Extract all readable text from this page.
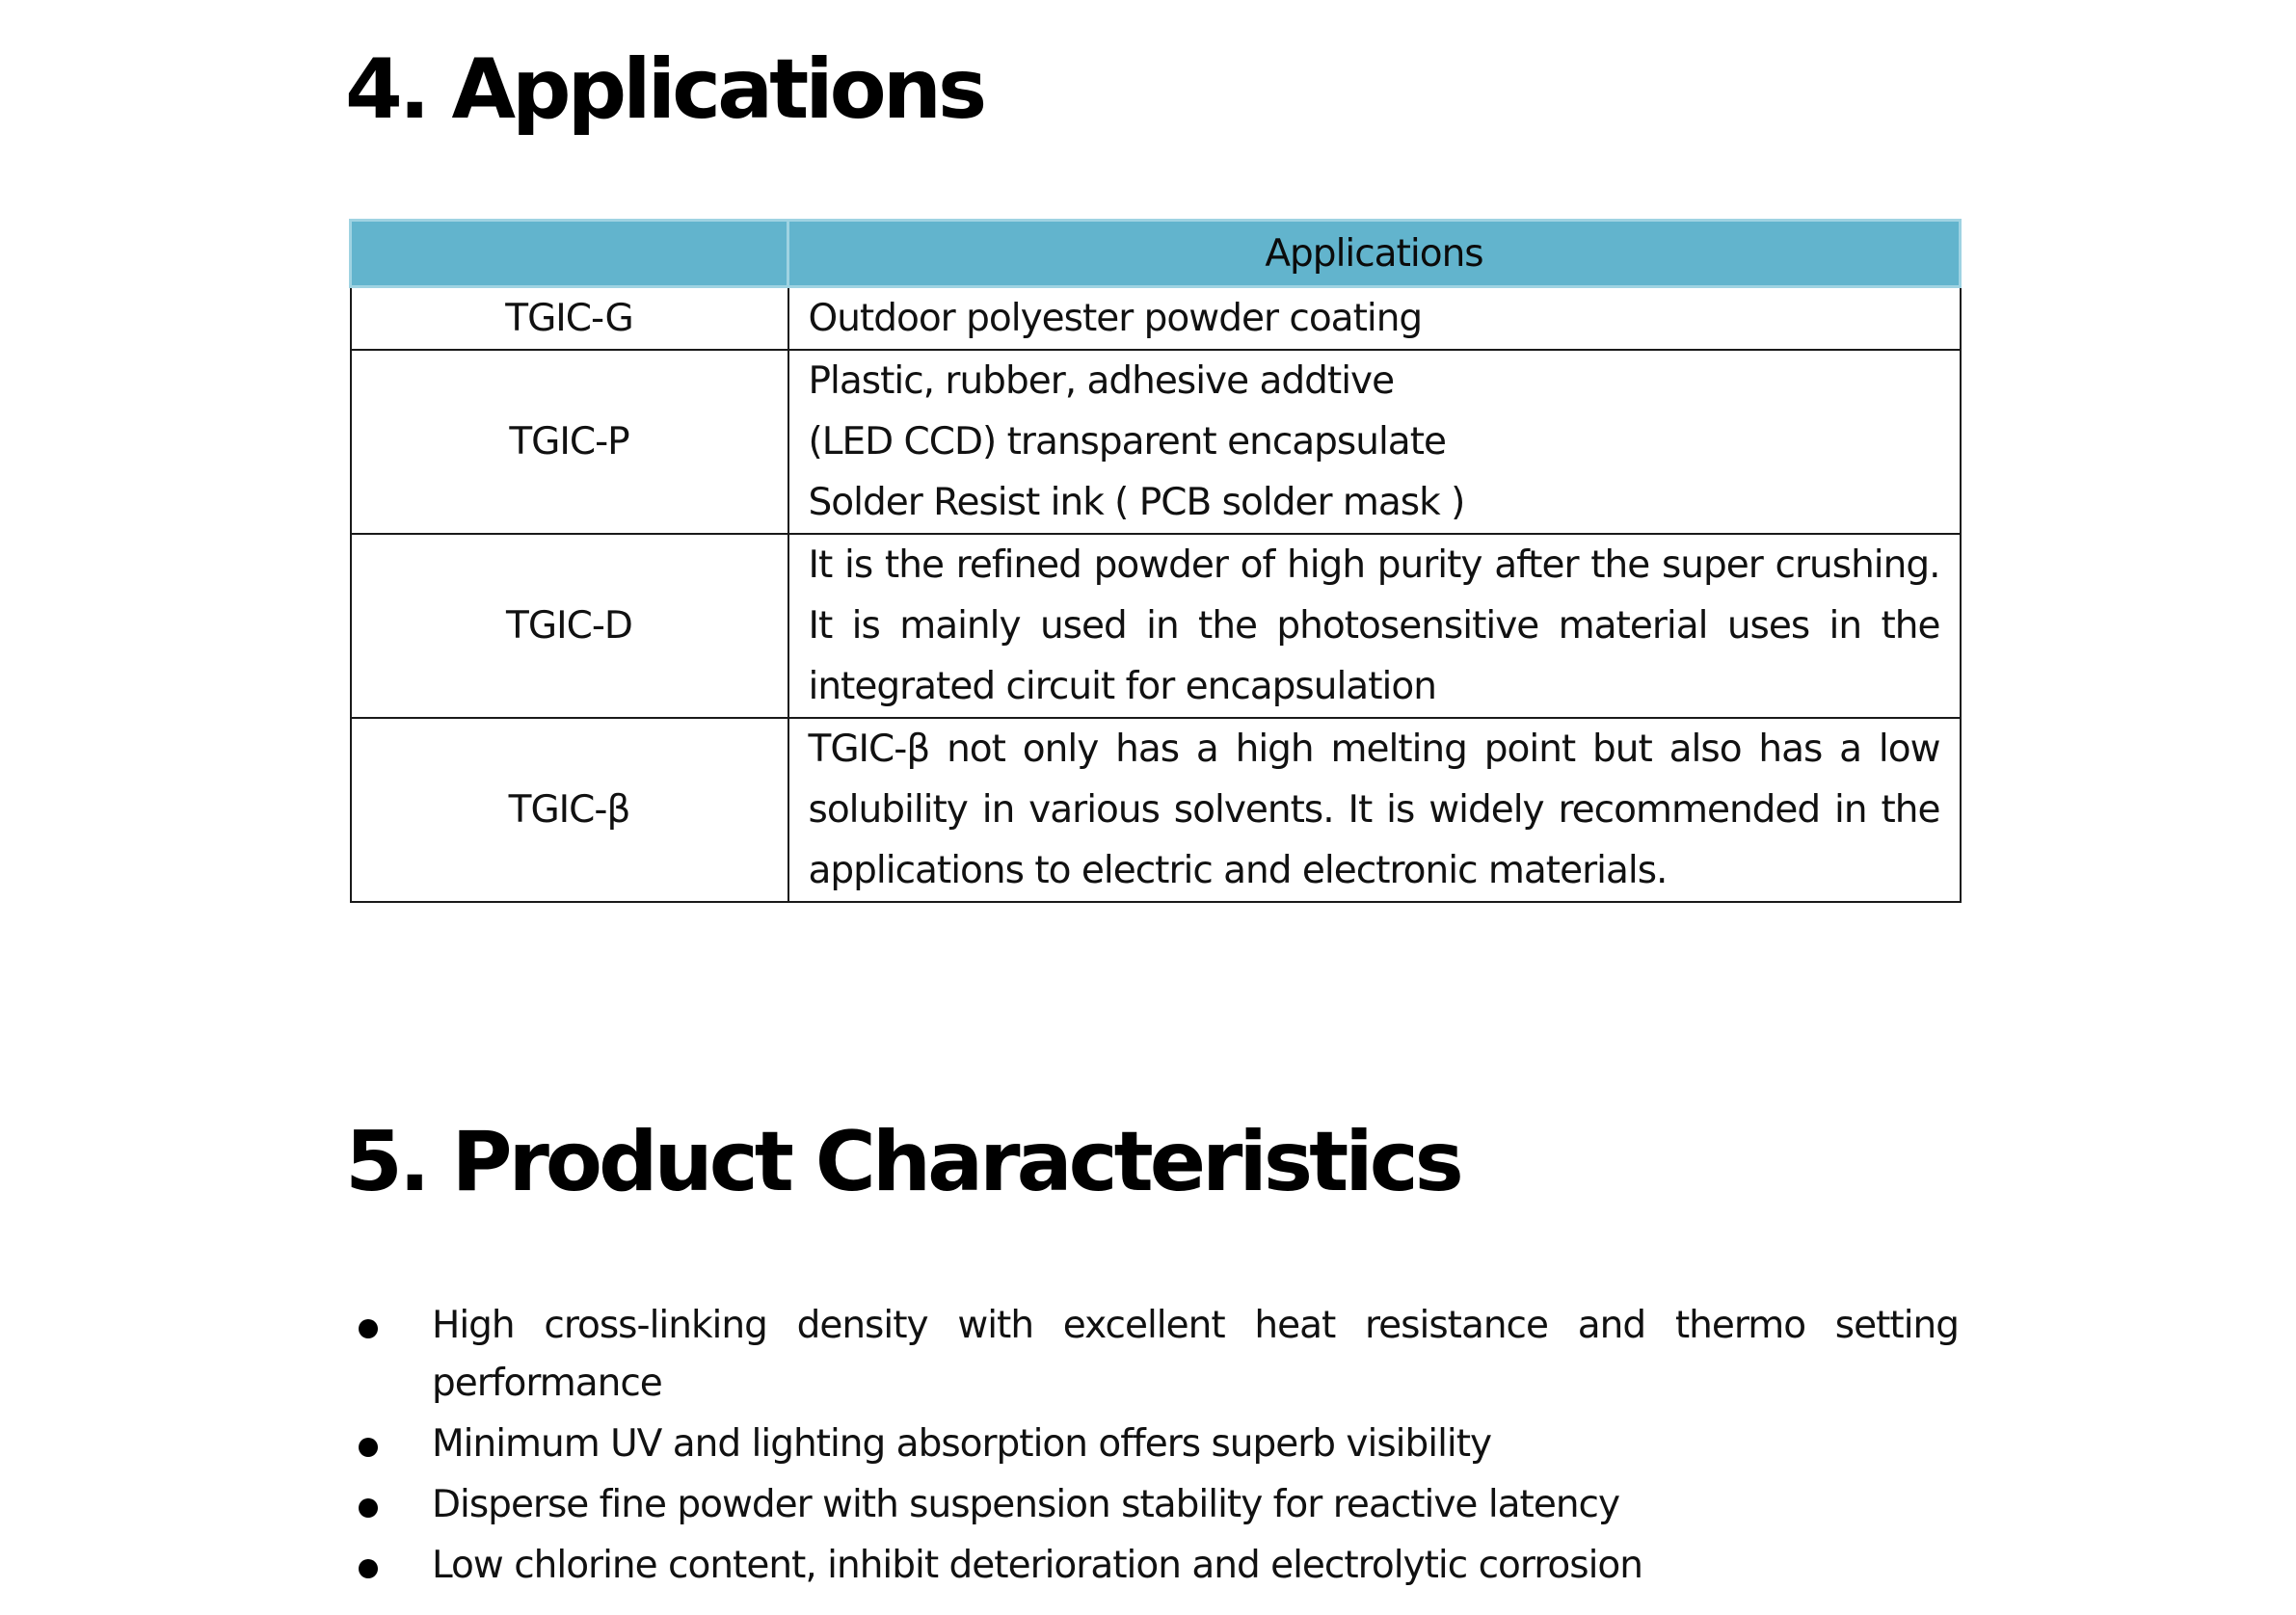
4. Applications
	Applications
TGIC-G	Outdoor polyester powder coating

TGIC-P	Plastic, rubber, adhesive addtive
(LED CCD) transparent encapsulate
Solder Resist ink ( PCB solder mask )

TGIC-D	It is the refined powder of high purity after the super crushing. It is mainly used in the photosensitive material uses in the integrated circuit for encapsulation
TGIC-β	TGIC-β not only has a high melting point but also has a low solubility in various solvents. It is widely recommended in the applications to electric and electronic materials.
5. Product Characteristics
High cross-linking density with excellent heat resistance and thermo setting performance
Minimum UV and lighting absorption offers superb visibility
Disperse fine powder with suspension stability for reactive latency
Low chlorine content, inhibit deterioration and electrolytic corrosion
